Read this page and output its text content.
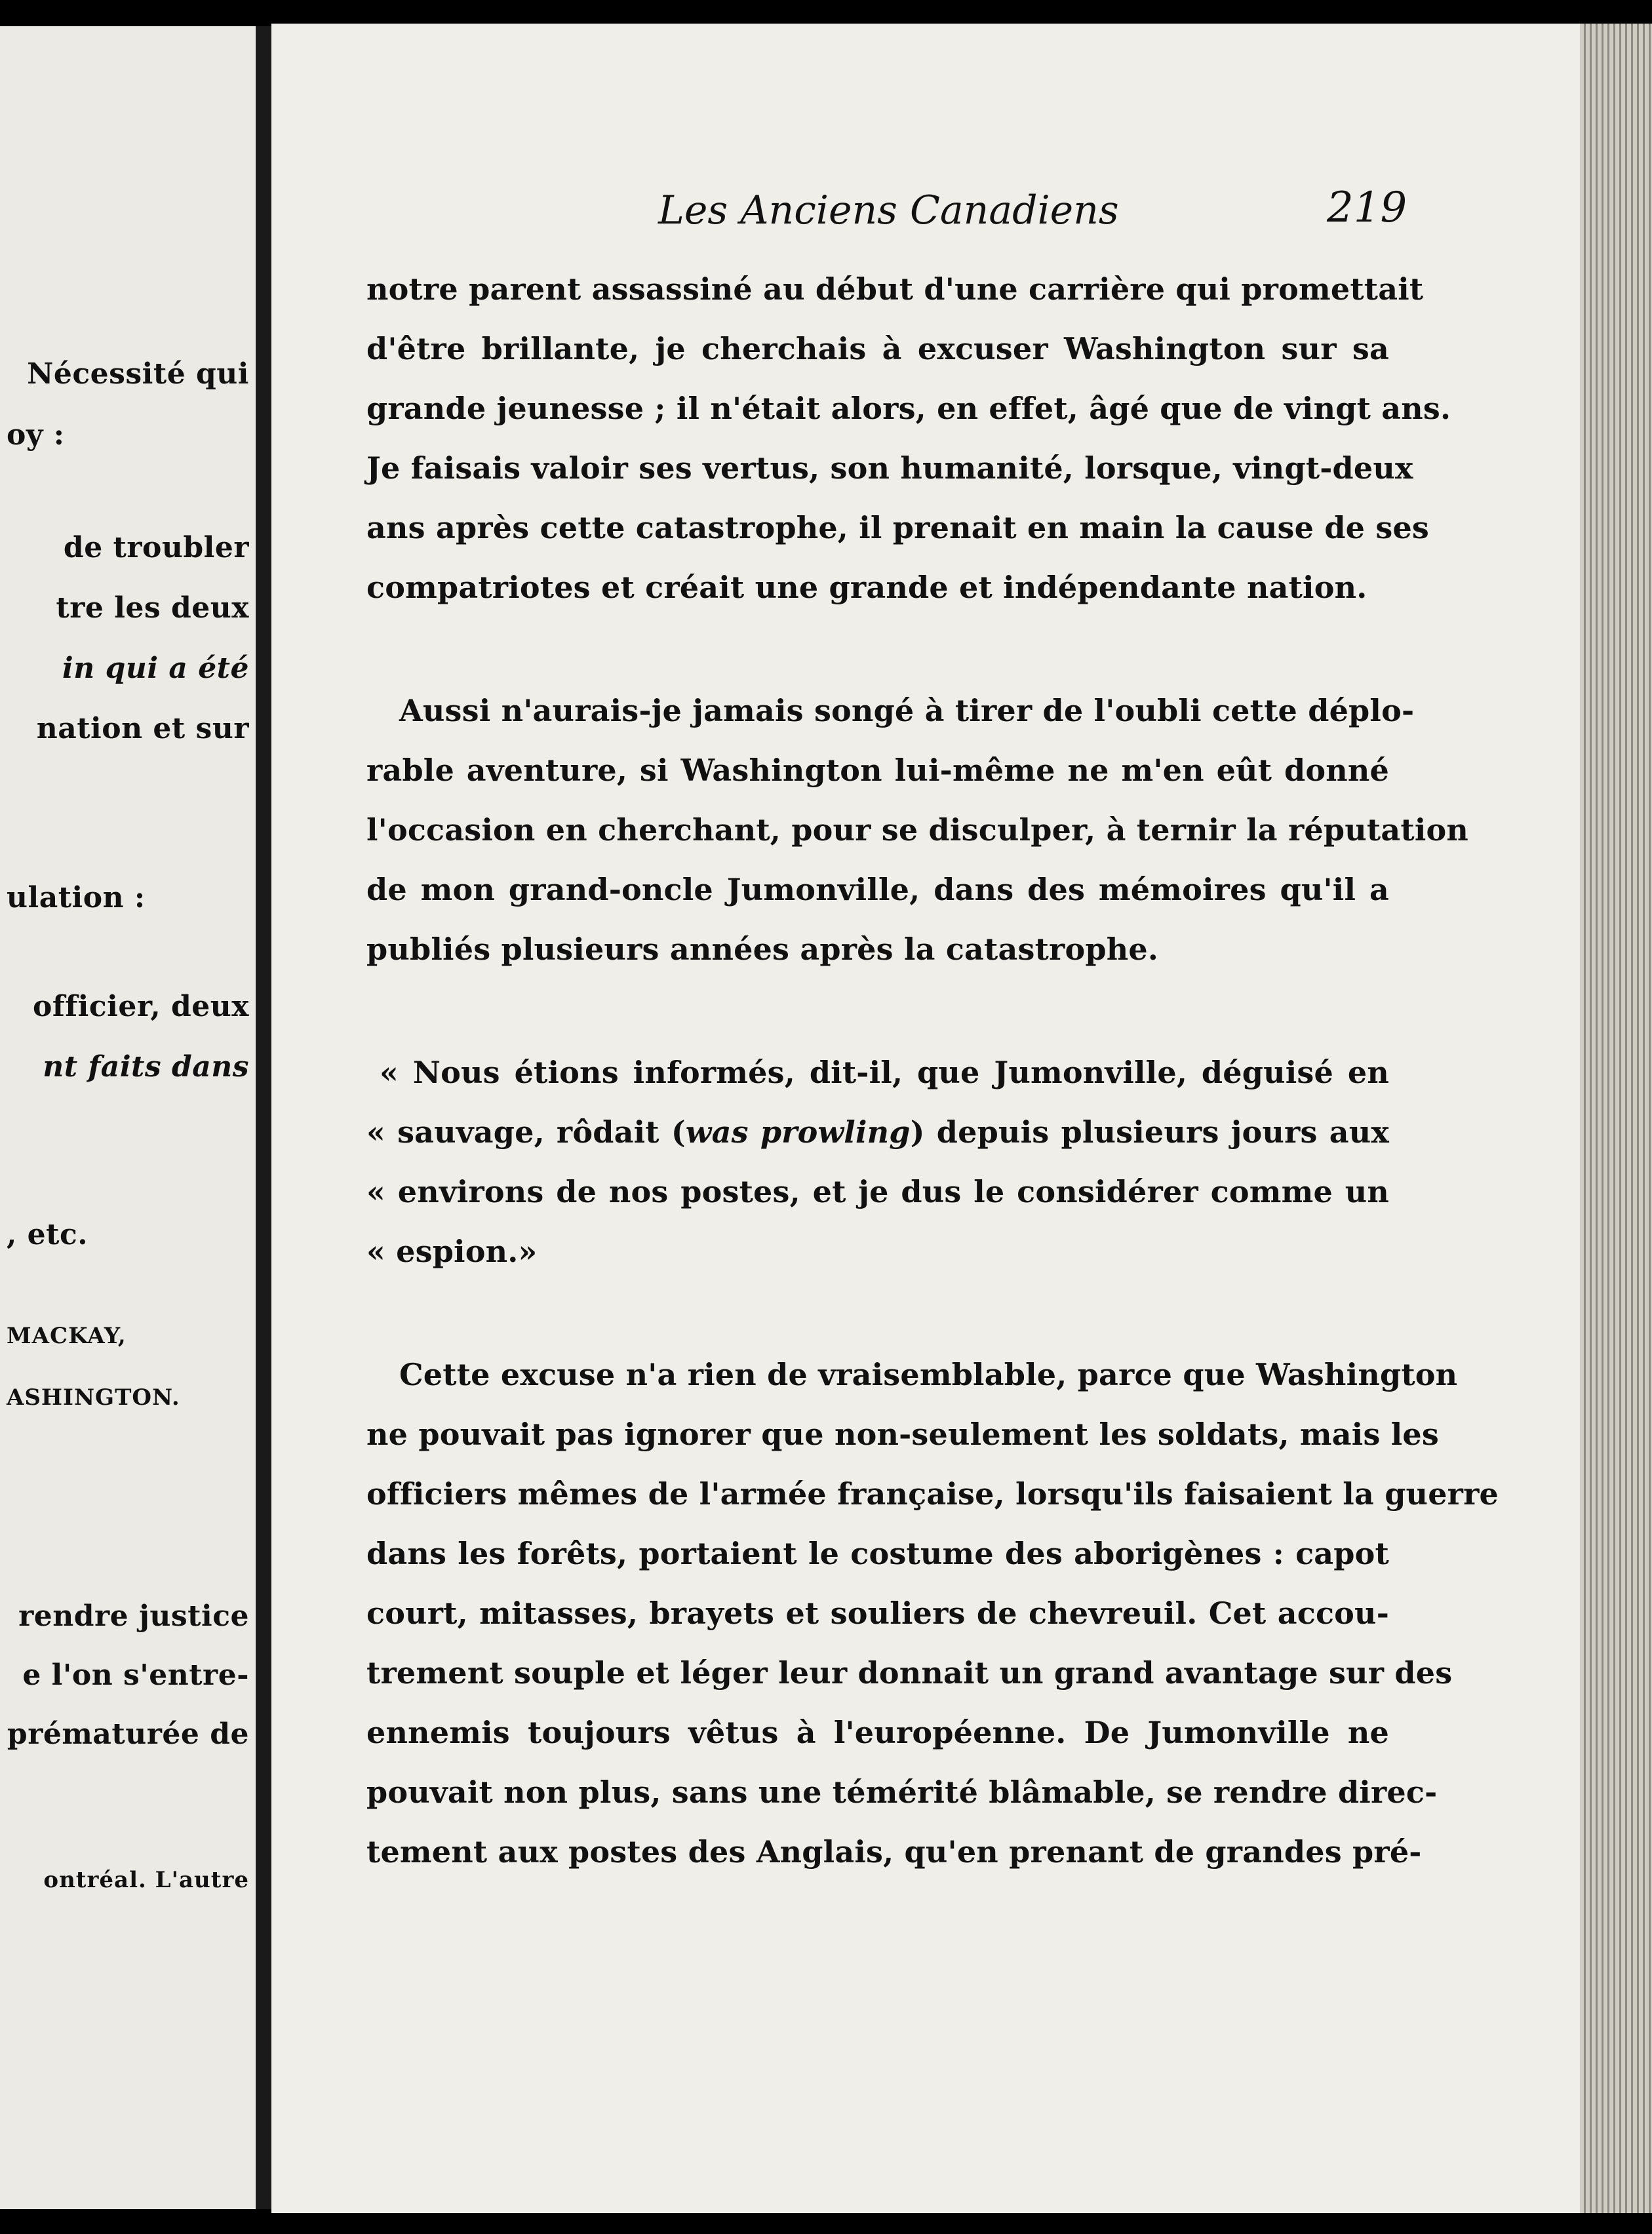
Nécessité qui
oy :
de troubler
tre les deux
in qui a été
nation et sur
ulation :
officier, deux
nt faits dans
, etc.
MACKAY,
ASHINGTON.
rendre justice
e l'on s'entre-
prématurée de
ontréal. L'autre
Les Anciens Canadiens	219
notre parent assassiné au début d'une carrière qui promettait
d'être brillante, je cherchais à excuser Washington sur sa
grande jeunesse ; il n'était alors, en effet, âgé que de vingt ans.
Je faisais valoir ses vertus, son humanité, lorsque, vingt-deux
ans après cette catastrophe, il prenait en main la cause de ses
compatriotes et créait une grande et indépendante nation.
Aussi n'aurais-je jamais songé à tirer de l'oubli cette déplo-
rable aventure, si Washington lui-même ne m'en eût donné
l'occasion en cherchant, pour se disculper, à ternir la réputation
de mon grand-oncle Jumonville, dans des mémoires qu'il a
publiés plusieurs années après la catastrophe.
« Nous étions informés, dit-il, que Jumonville, déguisé en
« sauvage, rôdait (was prowling) depuis plusieurs jours aux
« environs de nos postes, et je dus le considérer comme un
« espion.»
Cette excuse n'a rien de vraisemblable, parce que Washington
ne pouvait pas ignorer que non-seulement les soldats, mais les
officiers mêmes de l'armée française, lorsqu'ils faisaient la guerre
dans les forêts, portaient le costume des aborigènes : capot
court, mitasses, brayets et souliers de chevreuil. Cet accou-
trement souple et léger leur donnait un grand avantage sur des
ennemis toujours vêtus à l'européenne. De Jumonville ne
pouvait non plus, sans une témérité blâmable, se rendre direc-
tement aux postes des Anglais, qu'en prenant de grandes pré-
